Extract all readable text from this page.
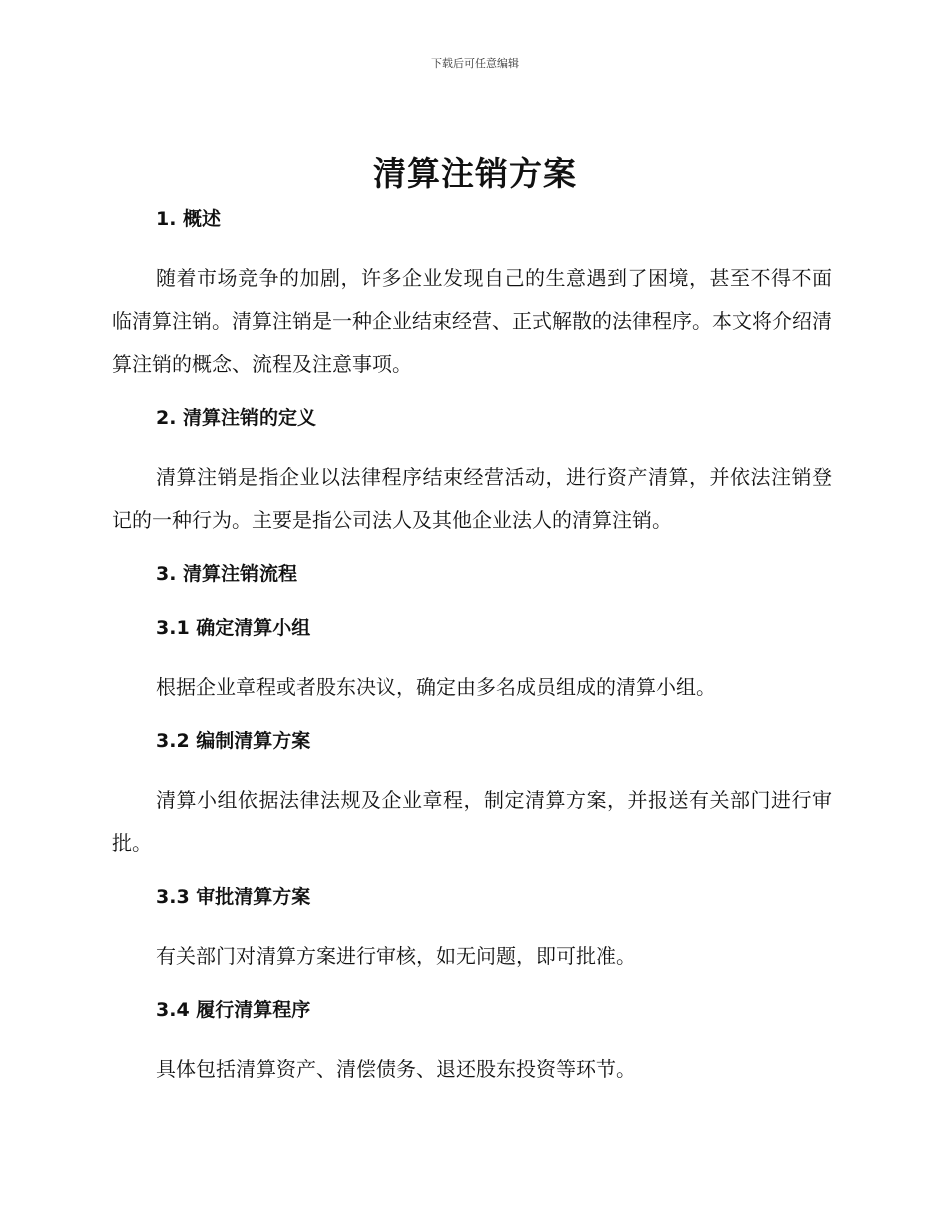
下载后可任意编辑
清算注销方案
1. 概述

随着市场竞争的加剧，许多企业发现自己的生意遇到了困境，甚至不得不面临清算注销。清算注销是一种企业结束经营、正式解散的法律程序。本文将介绍清算注销的概念、流程及注意事项。

2. 清算注销的定义

清算注销是指企业以法律程序结束经营活动，进行资产清算，并依法注销登记的一种行为。主要是指公司法人及其他企业法人的清算注销。

3. 清算注销流程
3.1 确定清算小组

根据企业章程或者股东决议，确定由多名成员组成的清算小组。

3.2 编制清算方案

清算小组依据法律法规及企业章程，制定清算方案，并报送有关部门进行审批。

3.3 审批清算方案

有关部门对清算方案进行审核，如无问题，即可批准。

3.4 履行清算程序

具体包括清算资产、清偿债务、退还股东投资等环节。
